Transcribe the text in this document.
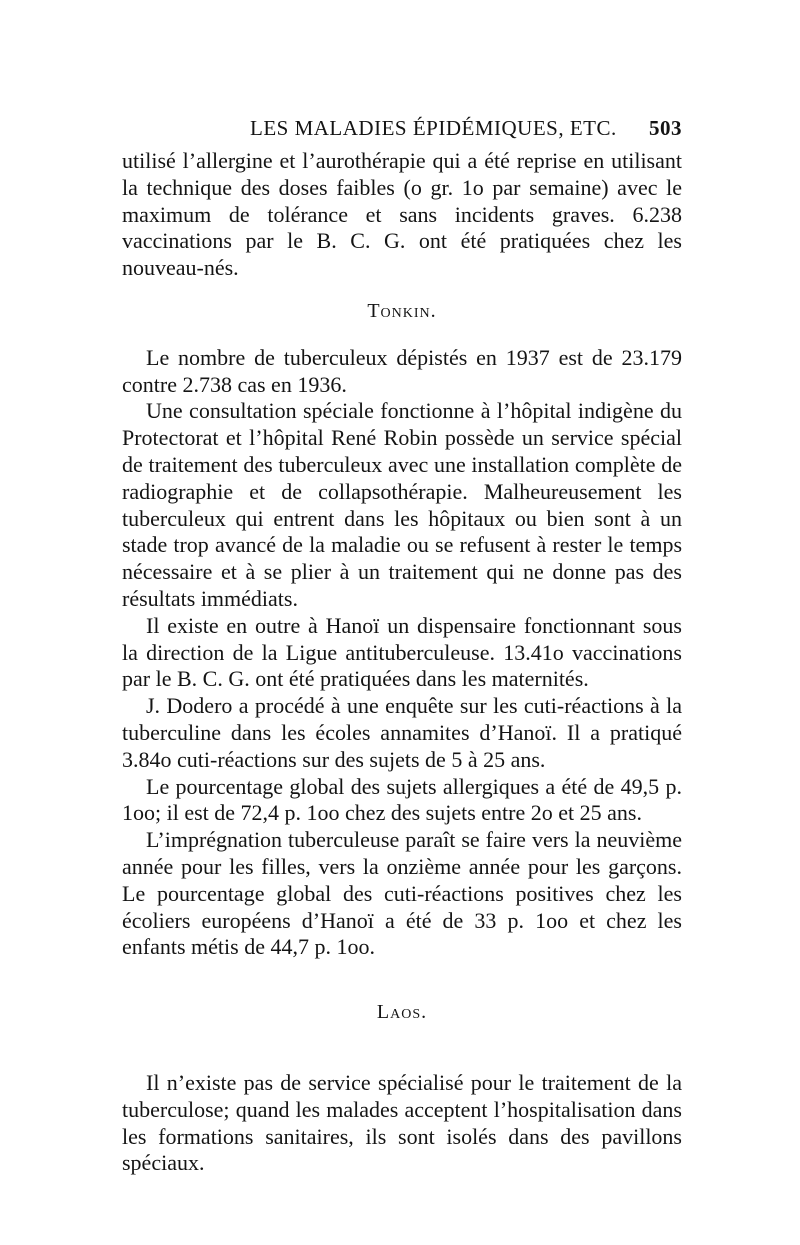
LES MALADIES ÉPIDÉMIQUES, ETC. 503

utilisé l’allergine et l’aurothérapie qui a été reprise en utilisant la technique des doses faibles (o gr. 1o par semaine) avec le maximum de tolérance et sans incidents graves. 6.238 vaccinations par le B. C. G. ont été pratiquées chez les nouveau-nés.

Tonkin.

Le nombre de tuberculeux dépistés en 1937 est de 23.179 contre 2.738 cas en 1936.

Une consultation spéciale fonctionne à l’hôpital indigène du Protectorat et l’hôpital René Robin possède un service spécial de traitement des tuberculeux avec une installation complète de radiographie et de collapsothérapie. Malheureusement les tuberculeux qui entrent dans les hôpitaux ou bien sont à un stade trop avancé de la maladie ou se refusent à rester le temps nécessaire et à se plier à un traitement qui ne donne pas des résultats immédiats.

Il existe en outre à Hanoï un dispensaire fonctionnant sous la direction de la Ligue antituberculeuse. 13.41o vaccinations par le B. C. G. ont été pratiquées dans les maternités.

J. Dodero a procédé à une enquête sur les cuti-réactions à la tuberculine dans les écoles annamites d’Hanoï. Il a pratiqué 3.84o cuti-réactions sur des sujets de 5 à 25 ans.

Le pourcentage global des sujets allergiques a été de 49,5 p. 1oo; il est de 72,4 p. 1oo chez des sujets entre 2o et 25 ans.

L’imprégnation tuberculeuse paraît se faire vers la neuvième année pour les filles, vers la onzième année pour les garçons. Le pourcentage global des cuti-réactions positives chez les écoliers européens d’Hanoï a été de 33 p. 1oo et chez les enfants métis de 44,7 p. 1oo.

Laos.

Il n’existe pas de service spécialisé pour le traitement de la tuberculose; quand les malades acceptent l’hospitalisation dans les formations sanitaires, ils sont isolés dans des pavillons spéciaux.
